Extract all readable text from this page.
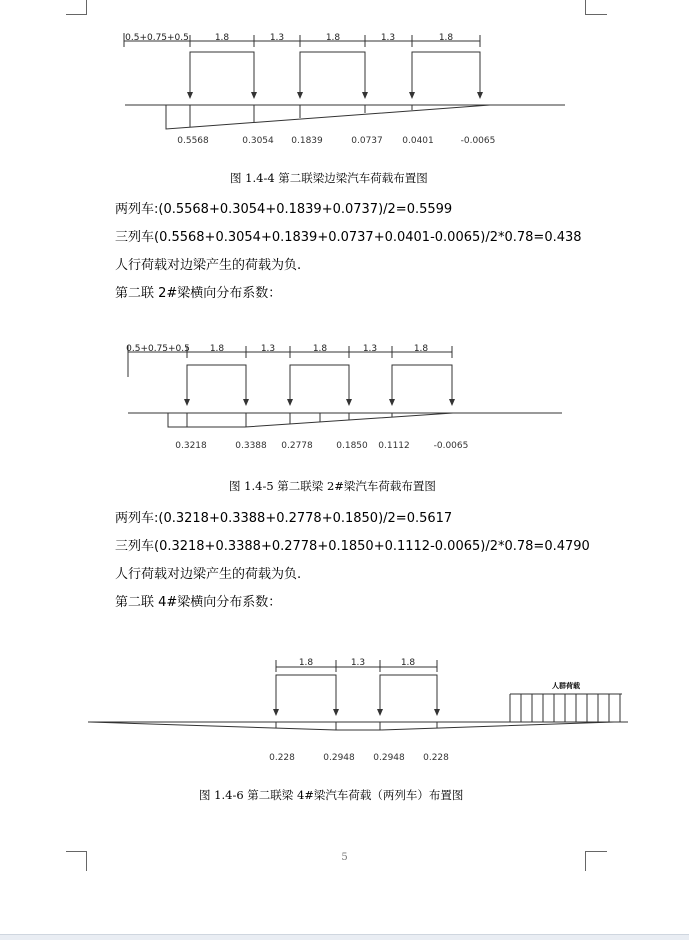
0.5+0.75+0.5	1.8	1.3	1.8	1.3	1.8
0.5568	0.3054 0.1839	0.0737 0.0401	-0.0065
图 1.4-4 第二联梁边梁汽车荷载布置图
两列车:(0.5568+0.3054+0.1839+0.0737)/2=0.5599
三列车(0.5568+0.3054+0.1839+0.0737+0.0401-0.0065)/2*0.78=0.438
人行荷载对边梁产生的荷载为负.
第二联 2#梁横向分布系数：
0.5+0.75+0.5 1.8	1.3	1.8	1.3	1.8
0.3218	0.3388 0.2778	0.1850 0.1112	-0.0065
图 1.4-5 第二联梁 2#梁汽车荷载布置图
两列车:(0.3218+0.3388+0.2778+0.1850)/2=0.5617
三列车(0.3218+0.3388+0.2778+0.1850+0.1112-0.0065)/2*0.78=0.4790
人行荷载对边梁产生的荷载为负.
第二联 4#梁横向分布系数：
1.8	1.3	1.8
人群荷载
0.228	0.2948 0.2948 0.228
图 1.4-6 第二联梁 4#梁汽车荷载（两列车）布置图
5
